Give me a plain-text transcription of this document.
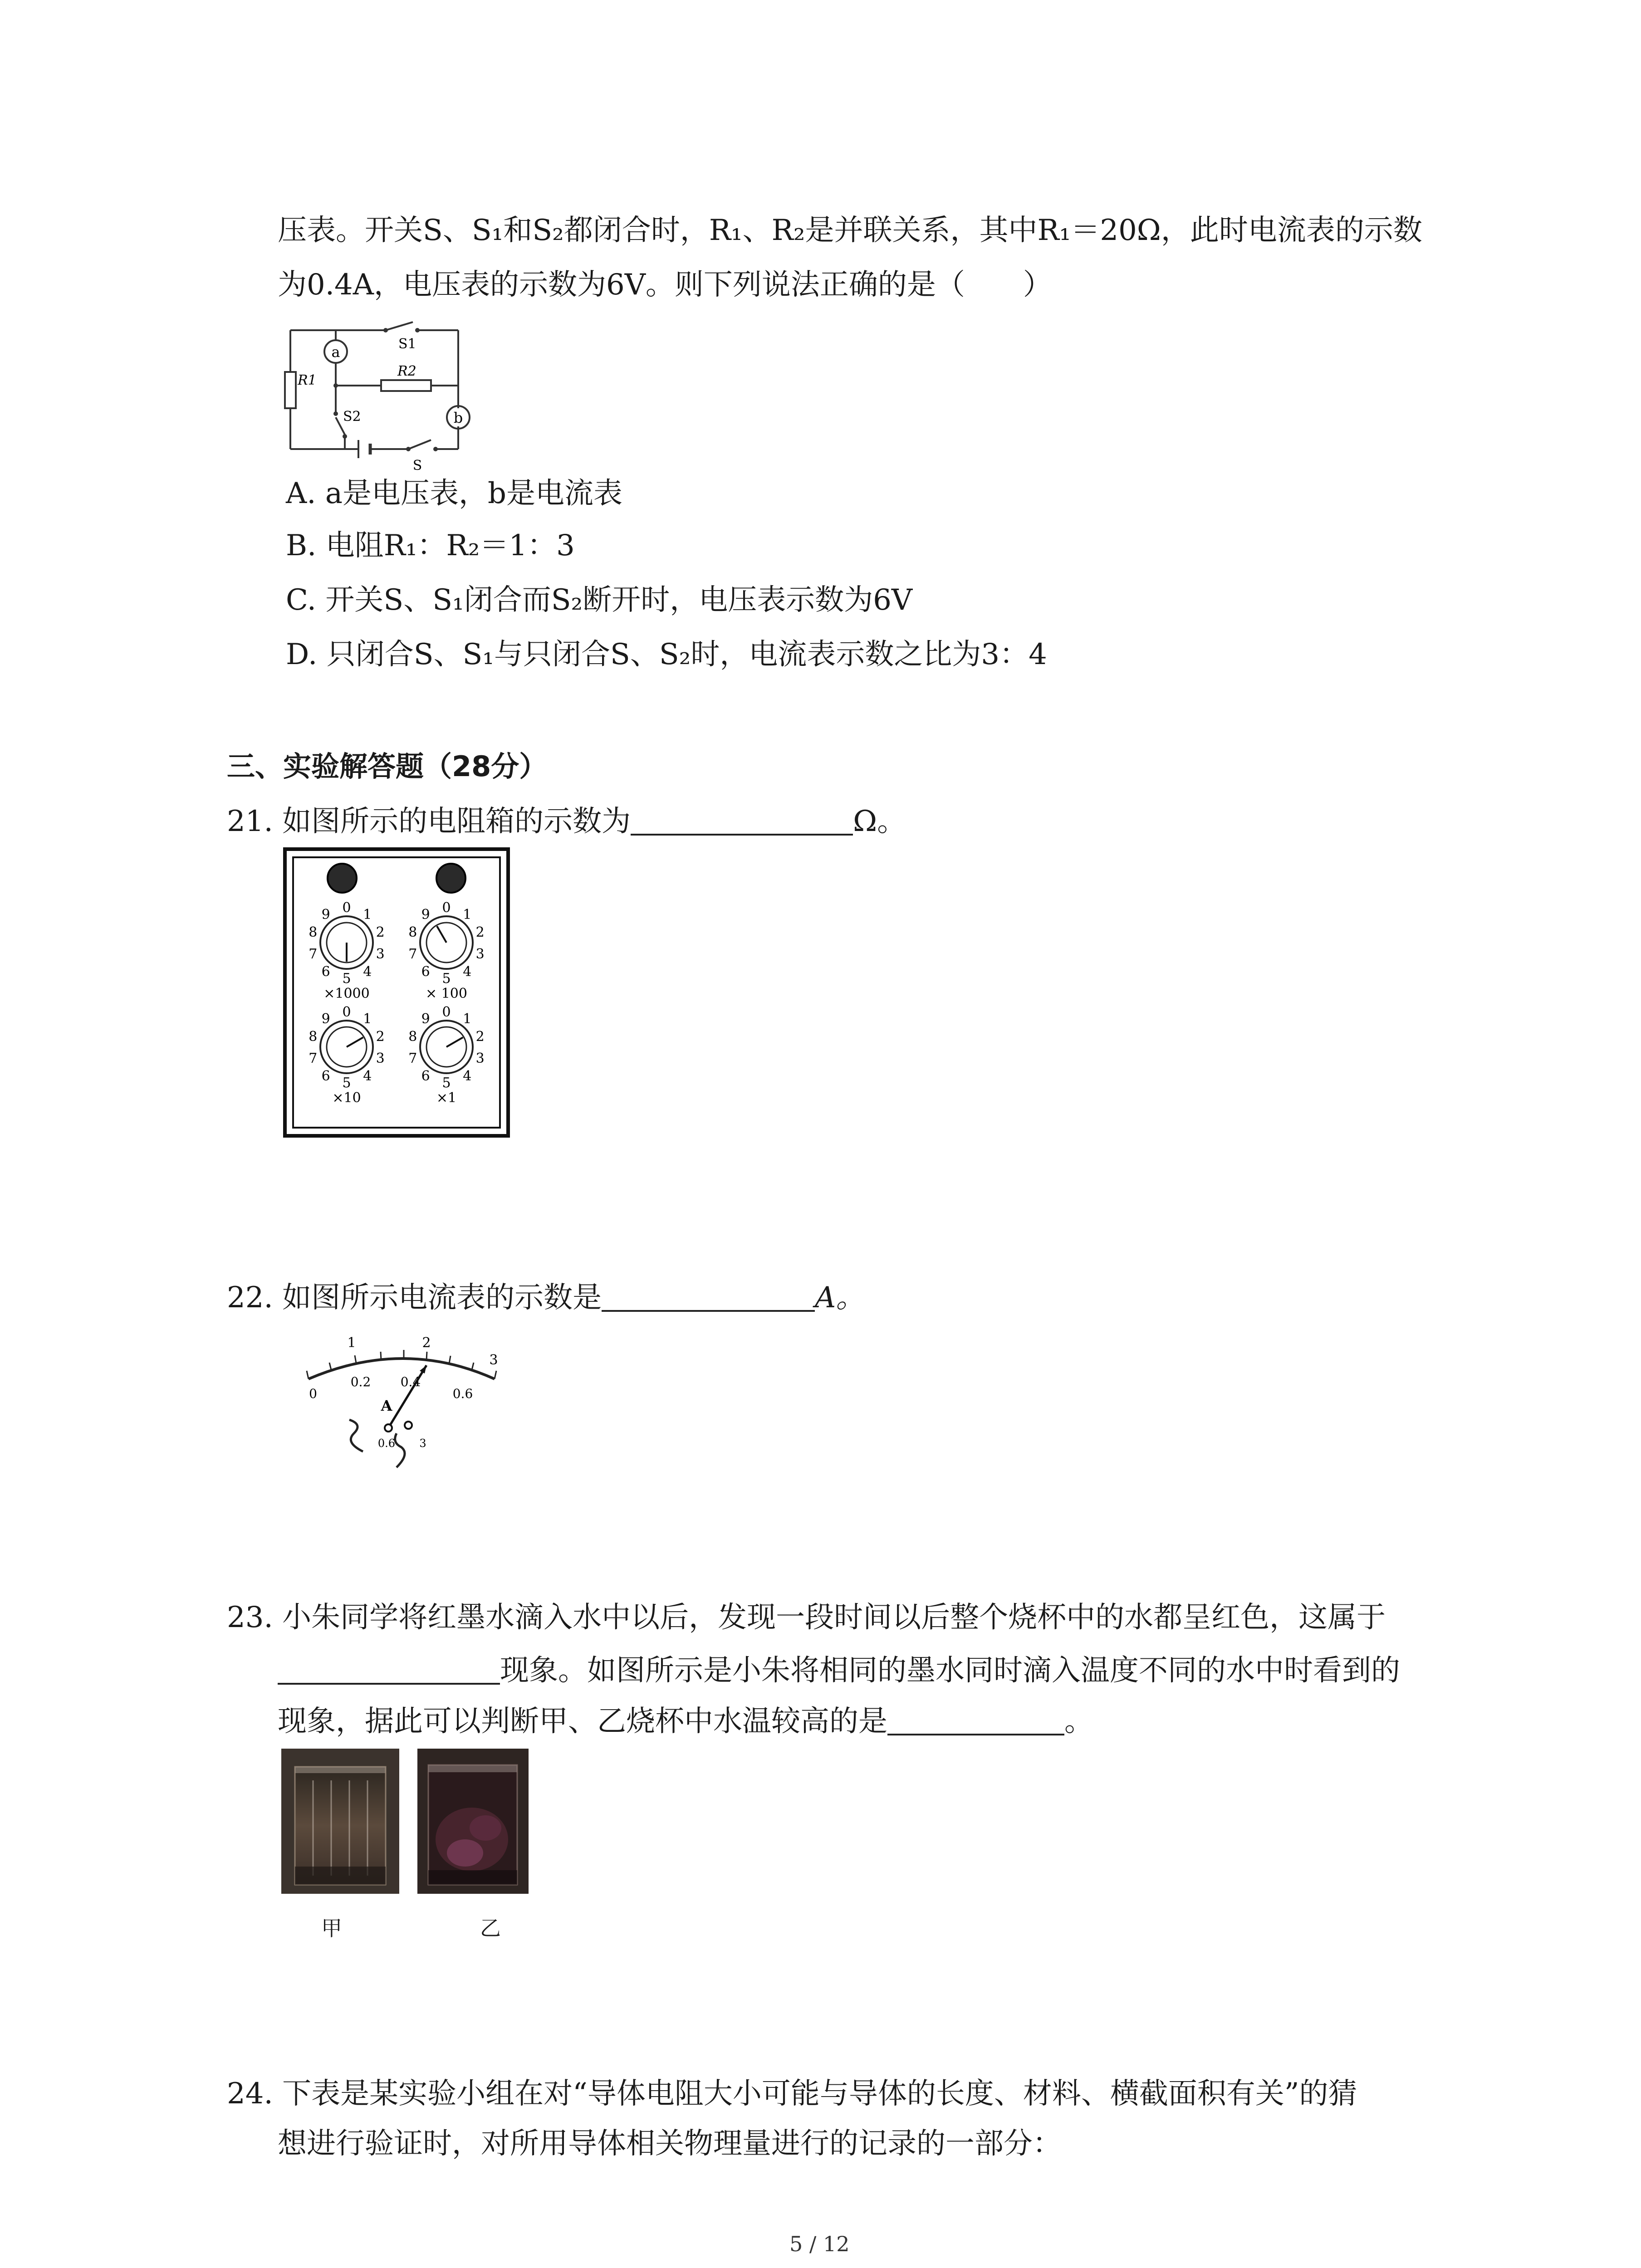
压表。开关S、S₁和S₂都闭合时，R₁、R₂是并联关系，其中R₁＝20Ω，此时电流表的示数
为0.4A，电压表的示数为6V。则下列说法正确的是（　　）
a
b
R1
R2
S1
S2
S
A. a是电压表，b是电流表
B. 电阻R₁：R₂＝1：3
C. 开关S、S₁闭合而S₂断开时，电压表示数为6V
D. 只闭合S、S₁与只闭合S、S₂时，电流表示数之比为3：4
三、实验解答题（28分）
21. 如图所示的电阻箱的示数为	Ω。
0 1
2
3
4
5
6
7
8
9
×1000
0 1
2
3
4
5
6
7
8
9
× 100
0 1
2
3
4
5
6
7
8
9
×10
0 1
2
3
4
5
6
7
8
9
×1
22. 如图所示电流表的示数是	A。
1	2
3
0
0.2 0.4
0.6
A
0.6 3
23. 小朱同学将红墨水滴入水中以后，发现一段时间以后整个烧杯中的水都呈红色，这属于
现象。如图所示是小朱将相同的墨水同时滴入温度不同的水中时看到的
现象，据此可以判断甲、乙烧杯中水温较高的是	。
甲	乙
24. 下表是某实验小组在对“导体电阻大小可能与导体的长度、材料、横截面积有关”的猜
想进行验证时，对所用导体相关物理量进行的记录的一部分：
5 / 12
